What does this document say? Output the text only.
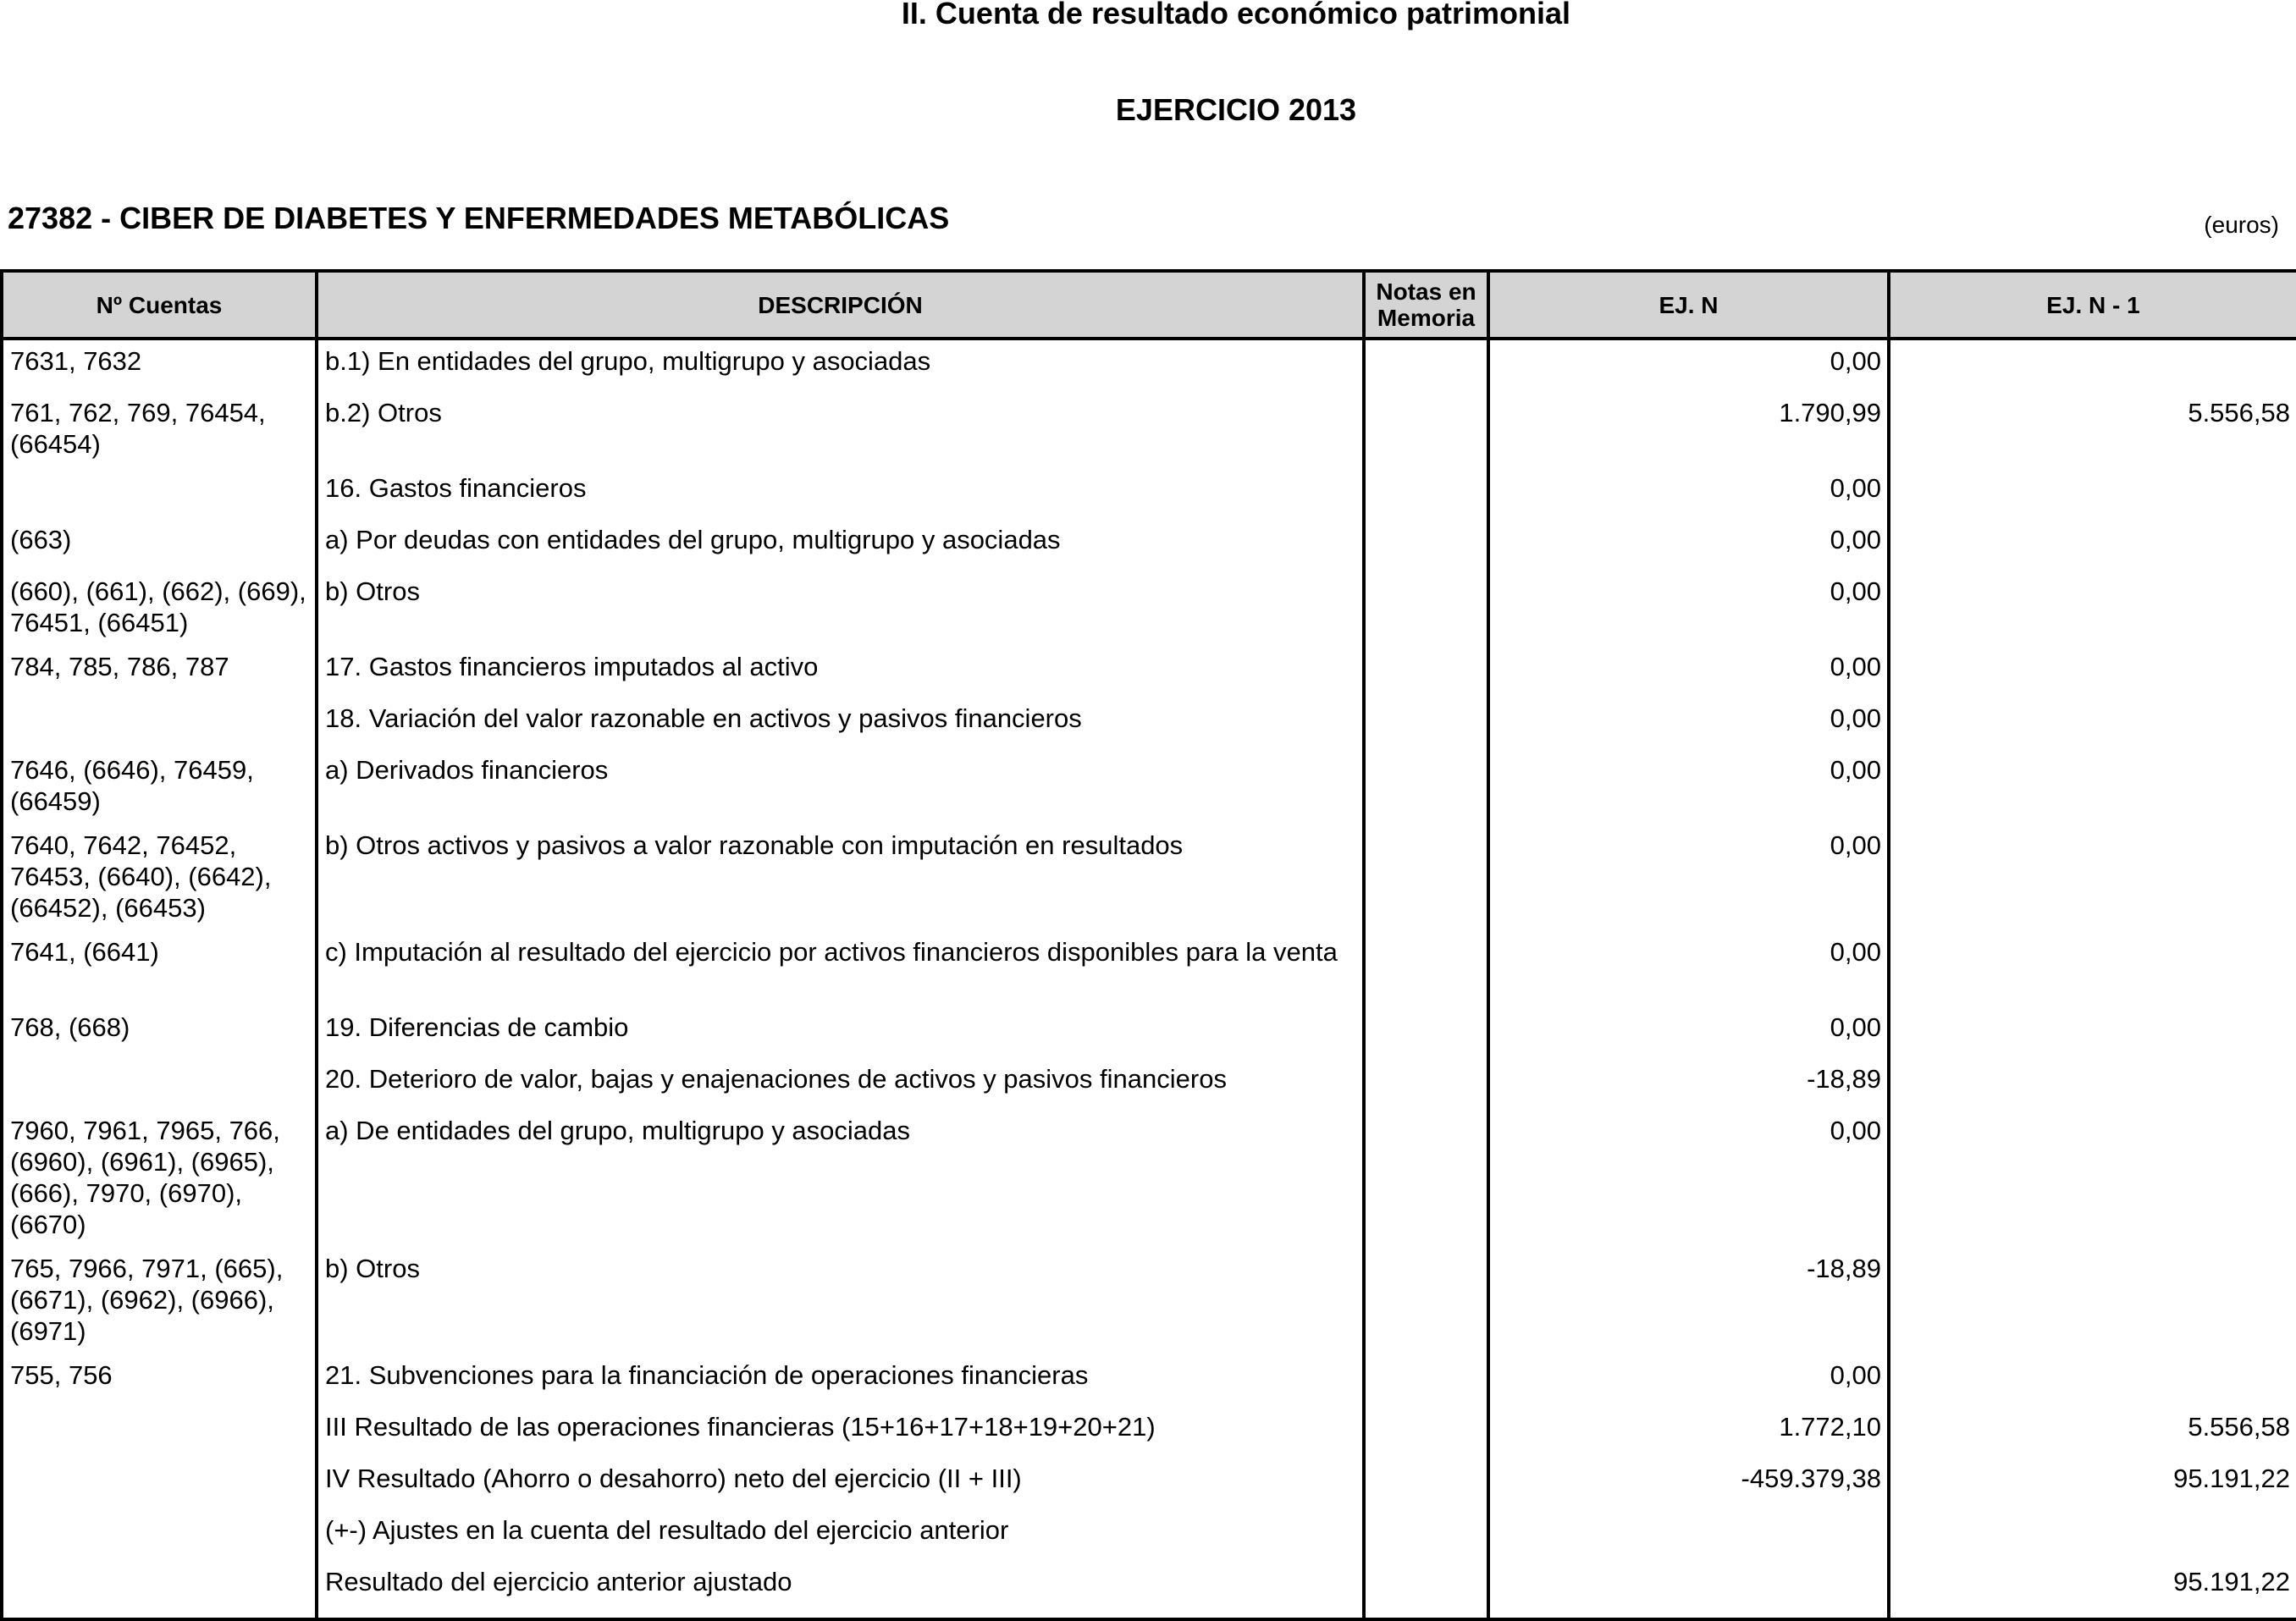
II. Cuenta de resultado económico patrimonial
EJERCICIO 2013
27382 - CIBER DE DIABETES Y ENFERMEDADES METABÓLICAS	(euros)
Nº Cuentas	DESCRIPCIÓN	Notas en Memoria	EJ. N	EJ. N - 1
7631, 7632	b.1) En entidades del grupo, multigrupo y asociadas		0,00	
761, 762, 769, 76454, (66454)	b.2) Otros		1.790,99	5.556,58
	16. Gastos financieros		0,00	
(663)	a) Por deudas con entidades del grupo, multigrupo y asociadas		0,00	
(660), (661), (662), (669), 76451, (66451)	b) Otros		0,00	
784, 785, 786, 787	17. Gastos financieros imputados al activo		0,00	
	18. Variación del valor razonable en activos y pasivos financieros		0,00	
7646, (6646), 76459, (66459)	a) Derivados financieros		0,00	
7640, 7642, 76452, 76453, (6640), (6642), (66452), (66453)	b) Otros activos y pasivos a valor razonable con imputación en resultados		0,00	
7641, (6641)	c) Imputación al resultado del ejercicio por activos financieros disponibles para la venta		0,00	
768, (668)	19. Diferencias de cambio		0,00	
	20. Deterioro de valor, bajas y enajenaciones de activos y pasivos financieros		-18,89	
7960, 7961, 7965, 766, (6960), (6961), (6965), (666), 7970, (6970), (6670)	a) De entidades del grupo, multigrupo y asociadas		0,00	
765, 7966, 7971, (665), (6671), (6962), (6966), (6971)	b) Otros		-18,89	
755, 756	21. Subvenciones para la financiación de operaciones financieras		0,00	
	III Resultado de las operaciones financieras (15+16+17+18+19+20+21)		1.772,10	5.556,58
	IV Resultado (Ahorro o desahorro) neto del ejercicio (II + III)		-459.379,38	95.191,22
	(+-) Ajustes en la cuenta del resultado del ejercicio anterior			
	Resultado del ejercicio anterior ajustado			95.191,22
